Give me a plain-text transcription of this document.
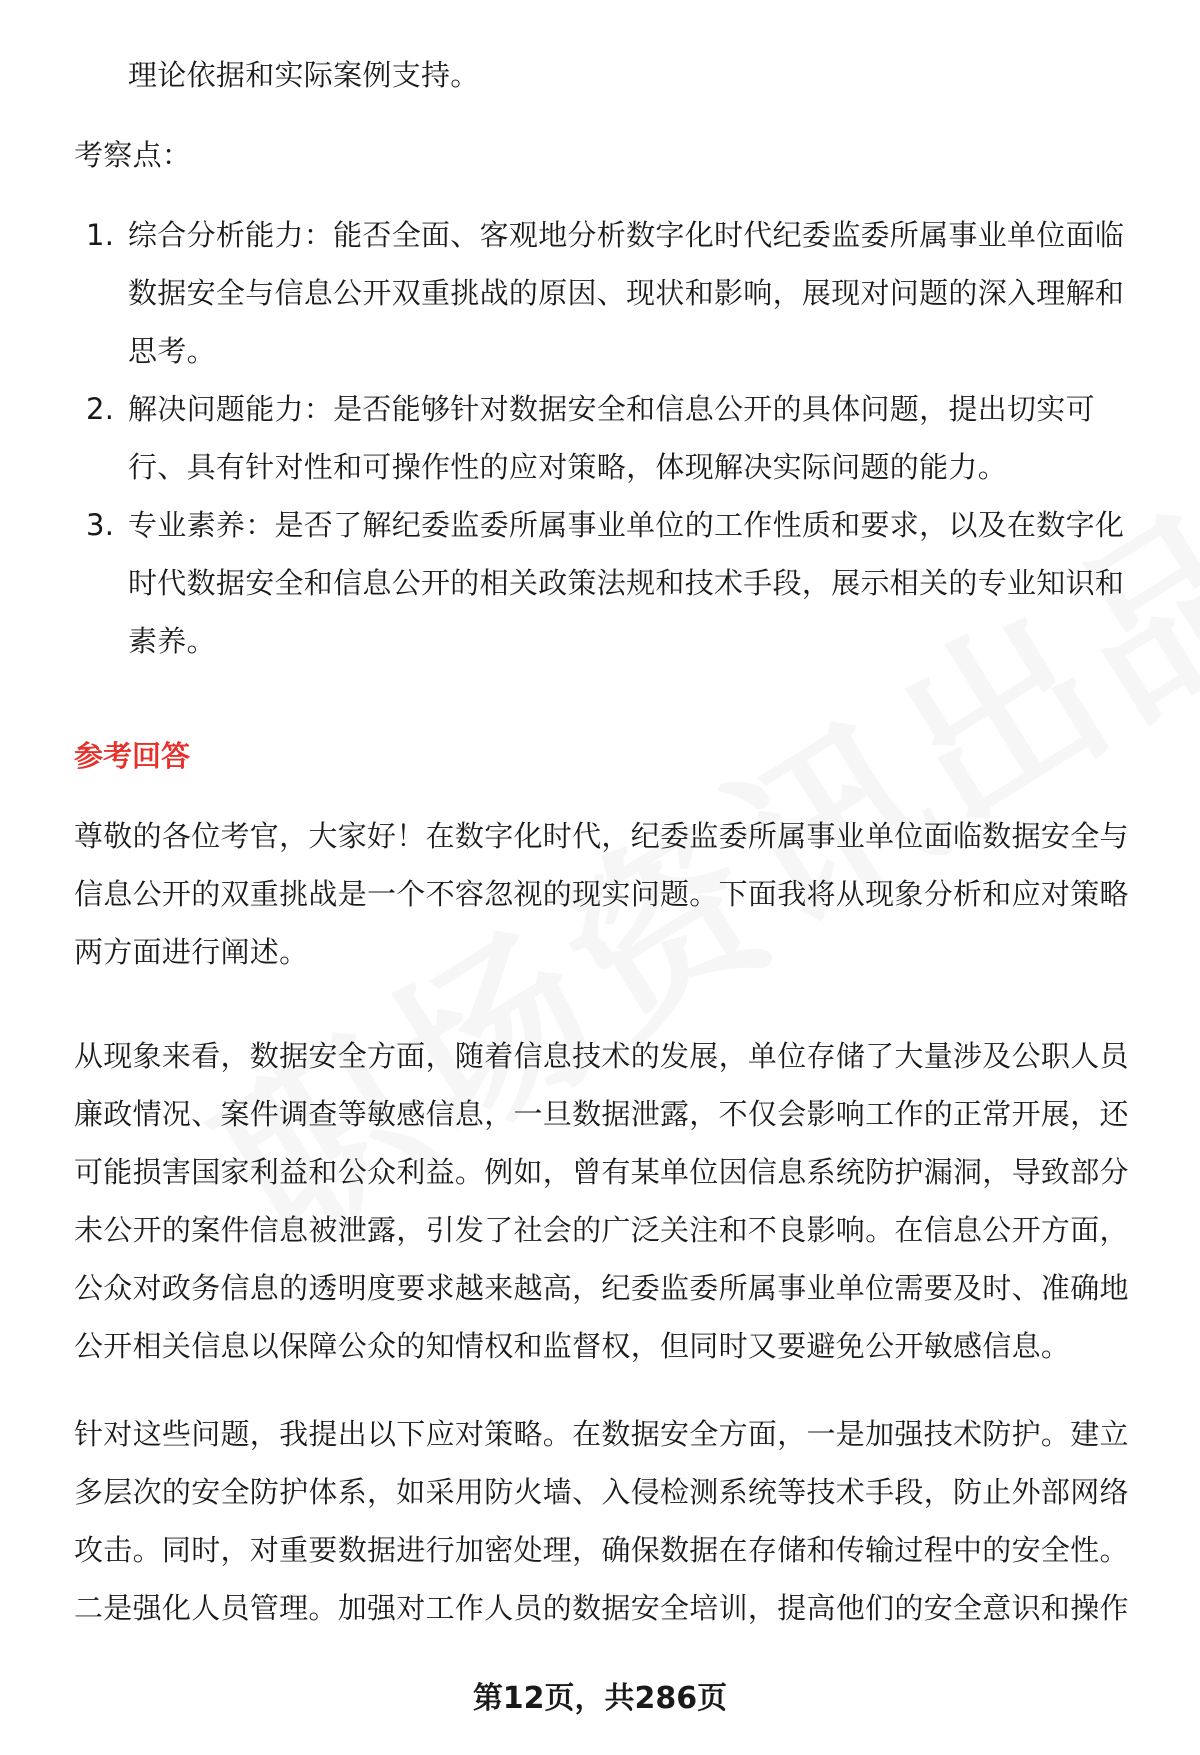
理论依据和实际案例支持。

考察点：

1. 综合分析能力：能否全面、客观地分析数字化时代纪委监委所属事业单位面临数据安全与信息公开双重挑战的原因、现状和影响，展现对问题的深入理解和思考。
2. 解决问题能力：是否能够针对数据安全和信息公开的具体问题，提出切实可行、具有针对性和可操作性的应对策略，体现解决实际问题的能力。
3. 专业素养：是否了解纪委监委所属事业单位的工作性质和要求，以及在数字化时代数据安全和信息公开的相关政策法规和技术手段，展示相关的专业知识和素养。

参考回答

尊敬的各位考官，大家好！在数字化时代，纪委监委所属事业单位面临数据安全与信息公开的双重挑战是一个不容忽视的现实问题。下面我将从现象分析和应对策略两方面进行阐述。

从现象来看，数据安全方面，随着信息技术的发展，单位存储了大量涉及公职人员廉政情况、案件调查等敏感信息，一旦数据泄露，不仅会影响工作的正常开展，还可能损害国家利益和公众利益。例如，曾有某单位因信息系统防护漏洞，导致部分未公开的案件信息被泄露，引发了社会的广泛关注和不良影响。在信息公开方面，公众对政务信息的透明度要求越来越高，纪委监委所属事业单位需要及时、准确地公开相关信息以保障公众的知情权和监督权，但同时又要避免公开敏感信息。

针对这些问题，我提出以下应对策略。在数据安全方面，一是加强技术防护。建立多层次的安全防护体系，如采用防火墙、入侵检测系统等技术手段，防止外部网络攻击。同时，对重要数据进行加密处理，确保数据在存储和传输过程中的安全性。二是强化人员管理。加强对工作人员的数据安全培训，提高他们的安全意识和操作

第12页，共286页
